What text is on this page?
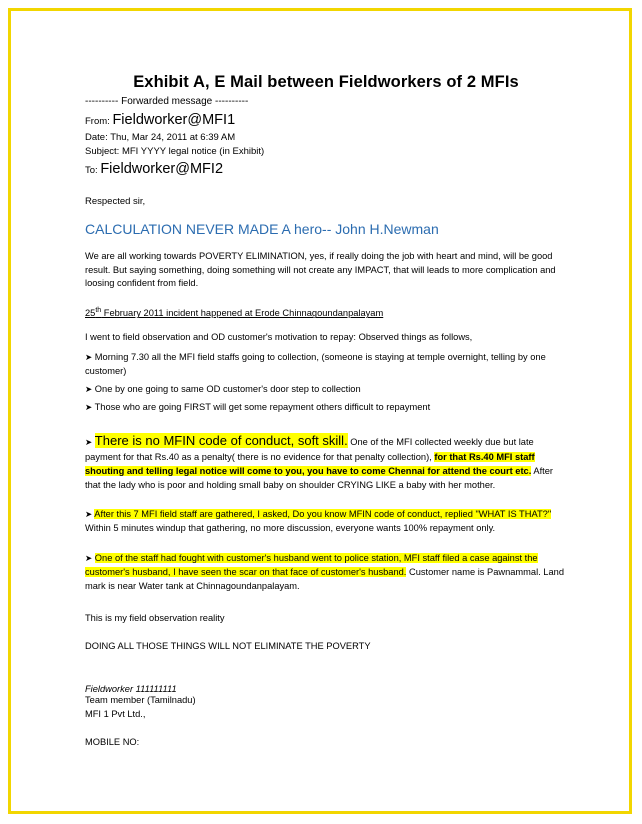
Exhibit A, E Mail between Fieldworkers of 2 MFIs
---------- Forwarded message ----------
From: Fieldworker@MFI1
Date: Thu, Mar 24, 2011 at 6:39 AM
Subject: MFI YYYY legal notice (in Exhibit)
To: Fieldworker@MFI2
Respected sir,
CALCULATION NEVER MADE A hero-- John H.Newman

We are all working towards POVERTY ELIMINATION, yes, if really doing the job with heart and mind, will be good result. But saying something, doing something will not create any IMPACT, that will leads to more complication and loosing confident from field.

25th February 2011 incident happened at Erode Chinnagoundanpalayam

I went to field observation and OD customer's motivation to repay: Observed things as follows,

➤ Morning 7.30 all the MFI field staffs going to collection, (someone is staying at temple overnight, telling by one customer)

➤ One by one going to same OD customer's door step to collection

➤ Those who are going FIRST will get some repayment others difficult to repayment

➤ There is no MFIN code of conduct, soft skill. One of the MFI collected weekly due but late payment for that Rs.40 as a penalty( there is no evidence for that penalty collection), for that Rs.40 MFI staff shouting and telling legal notice will come to you, you have to come Chennai for attend the court etc. After that the lady who is poor and holding small baby on shoulder CRYING LIKE a baby with her mother.

➤ After this 7 MFI field staff are gathered, I asked, Do you know MFIN code of conduct, replied "WHAT IS THAT?" Within 5 minutes windup that gathering, no more discussion, everyone wants 100% repayment only.

➤ One of the staff had fought with customer's husband went to police station, MFI staff filed a case against the customer's husband, I have seen the scar on that face of customer's husband. Customer name is Pawnammal. Land mark is near Water tank at Chinnagoundanpalayam.

This is my field observation reality

DOING ALL THOSE THINGS WILL NOT ELIMINATE THE POVERTY

Fieldworker 111111111

Team member (Tamilnadu)

MFI 1 Pvt Ltd.,

MOBILE NO:
